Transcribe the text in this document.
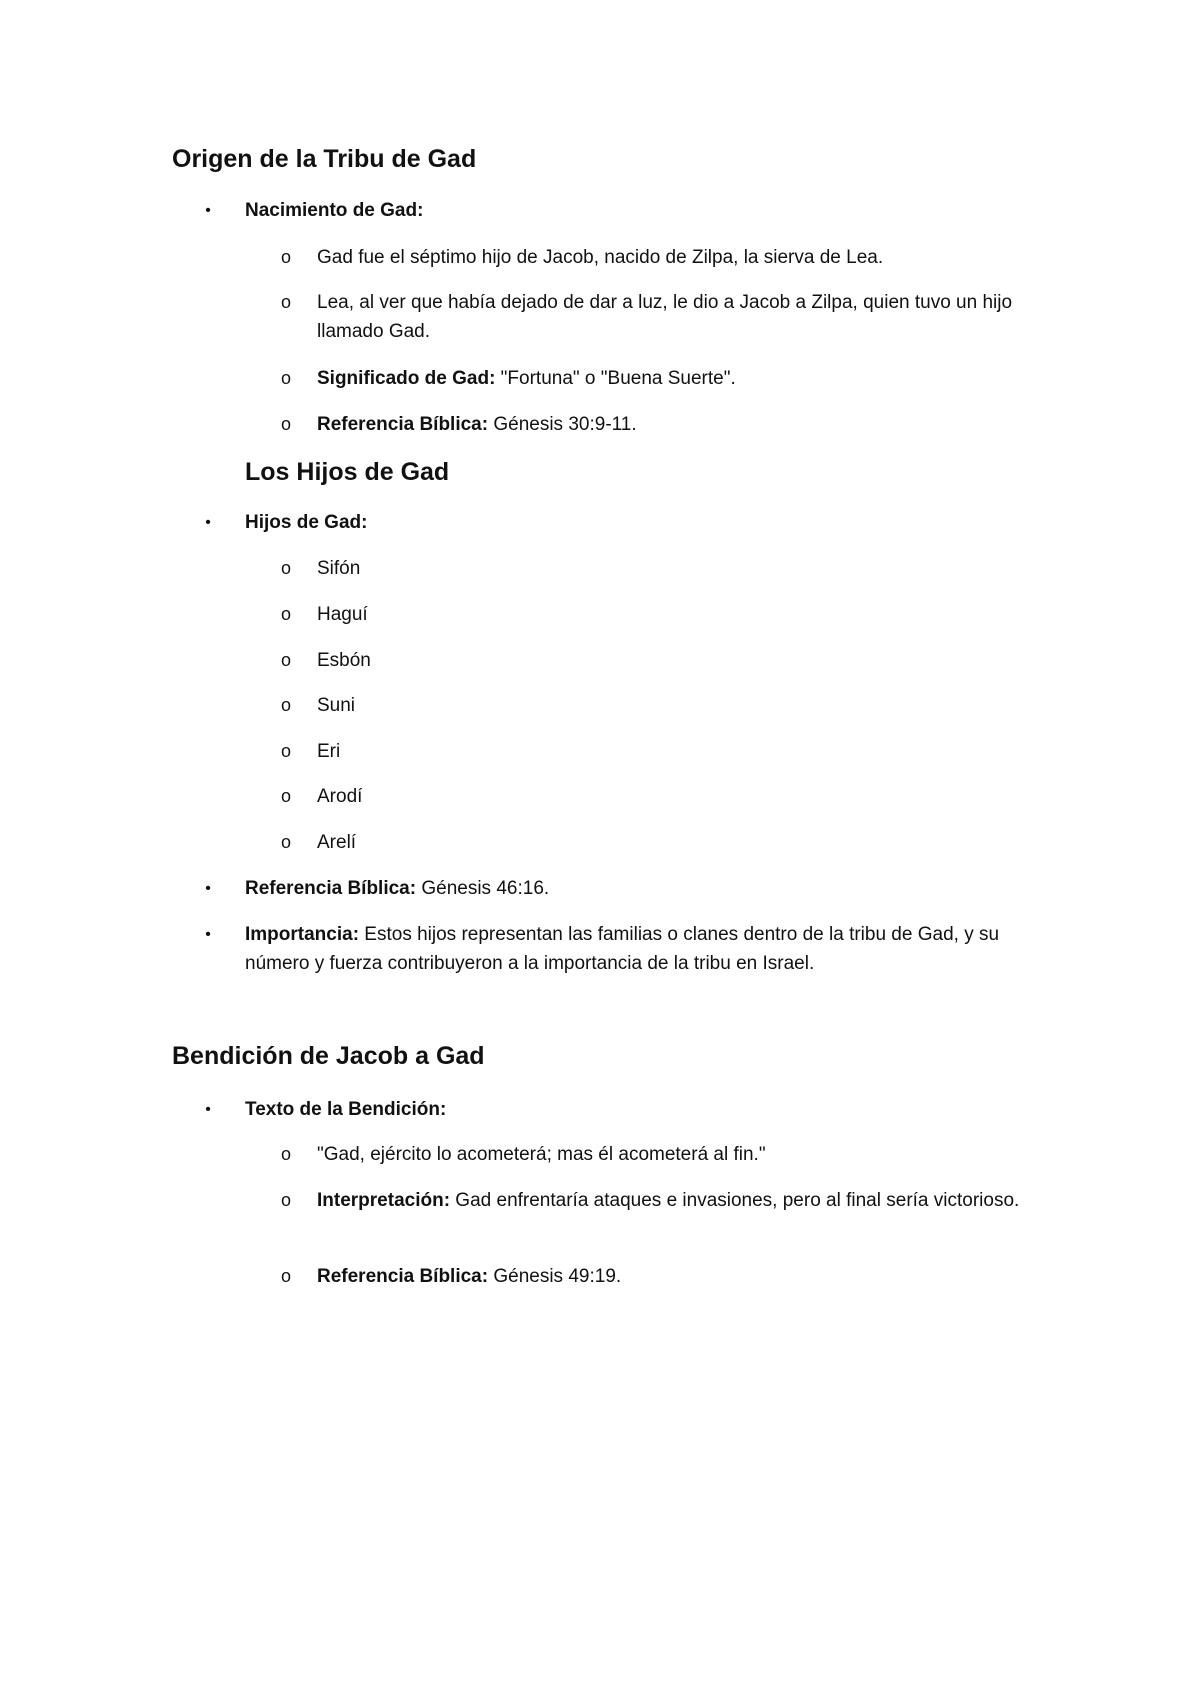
Origen de la Tribu de Gad
•	Nacimiento de Gad:
o Gad fue el séptimo hijo de Jacob, nacido de Zilpa, la sierva de Lea.
o Lea, al ver que había dejado de dar a luz, le dio a Jacob a Zilpa, quien tuvo un hijo llamado Gad.
o Significado de Gad: "Fortuna" o "Buena Suerte".
o Referencia Bíblica: Génesis 30:9-11.
Los Hijos de Gad
•	Hijos de Gad:
o Sifón
o Haguí
o Esbón
o Suni
o Eri
o Arodí
o Arelí
•	Referencia Bíblica: Génesis 46:16.
•	Importancia: Estos hijos representan las familias o clanes dentro de la tribu de Gad, y su número y fuerza contribuyeron a la importancia de la tribu en Israel.
Bendición de Jacob a Gad
•	Texto de la Bendición:
o "Gad, ejército lo acometerá; mas él acometerá al fin."
o Interpretación: Gad enfrentaría ataques e invasiones, pero al final sería victorioso.
o Referencia Bíblica: Génesis 49:19.
